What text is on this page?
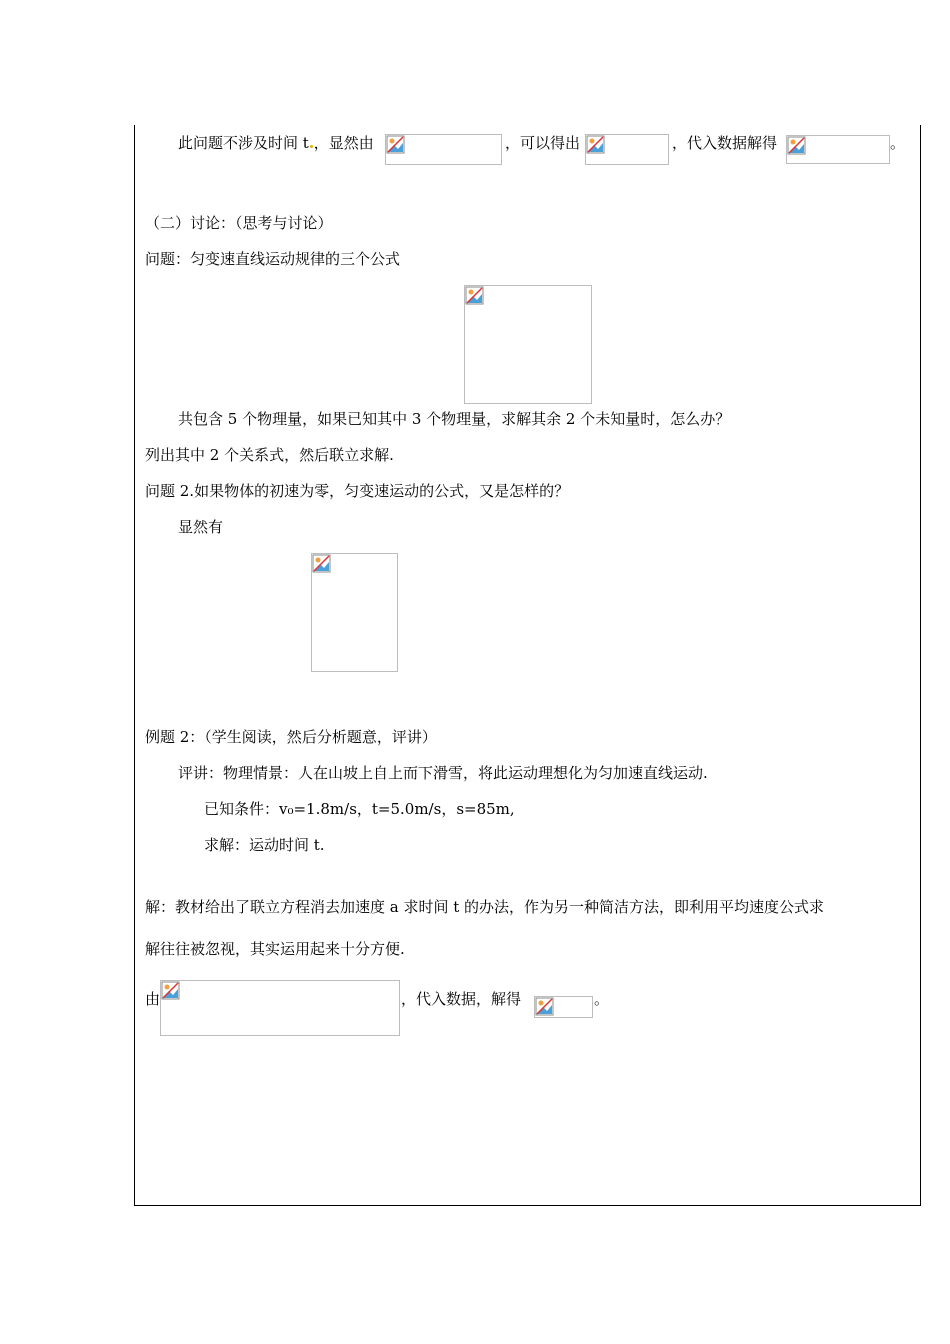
此问题不涉及时间 t ，显然由	，可以得出	，代入数据解得	。
（二）讨论：（思考与讨论）
问题：匀变速直线运动规律的三个公式
共包含 5 个物理量，如果已知其中 3 个物理量，求解其余 2 个未知量时，怎么办？
列出其中 2 个关系式，然后联立求解.
问题 2.如果物体的初速为零，匀变速运动的公式，又是怎样的？
显然有
例题 2：（学生阅读，然后分析题意，评讲）
评讲：物理情景：人在山坡上自上而下滑雪，将此运动理想化为匀加速直线运动.
已知条件：v₀=1.8m/s，t=5.0m/s，s=85m,
求解：运动时间 t.
解：教材给出了联立方程消去加速度 a 求时间 t 的办法，作为另一种简洁方法，即利用平均速度公式求
解往往被忽视，其实运用起来十分方便.
由	，代入数据，解得	。
